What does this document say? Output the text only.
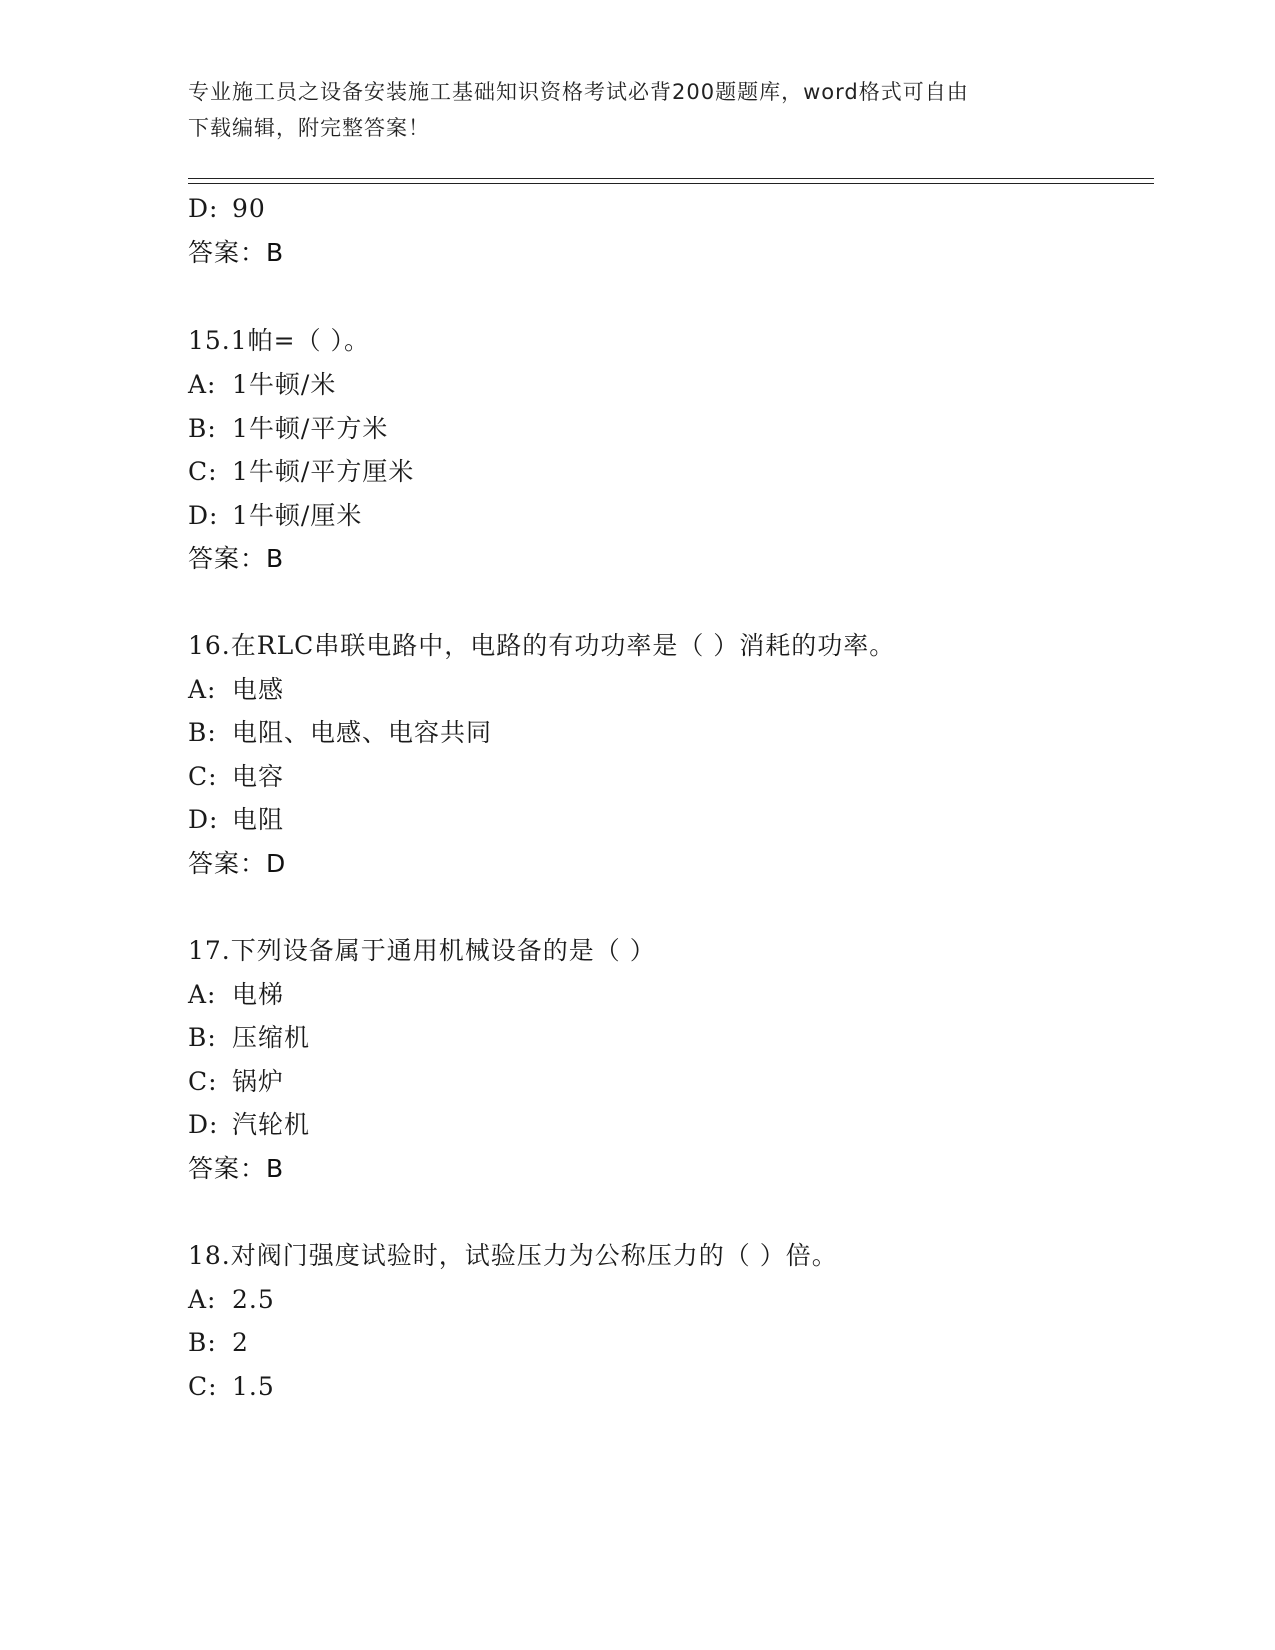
专业施工员之设备安装施工基础知识资格考试必背200题题库，word格式可自由
下载编辑，附完整答案！
D: 90
答案：B
15.1帕=（ ）。
A: 1牛顿/米
B: 1牛顿/平方米
C: 1牛顿/平方厘米
D: 1牛顿/厘米
答案：B
16.在RLC串联电路中，电路的有功功率是（ ）消耗的功率。
A: 电感
B: 电阻、电感、电容共同
C: 电容
D: 电阻
答案：D
17.下列设备属于通用机械设备的是（ ）
A: 电梯
B: 压缩机
C: 锅炉
D: 汽轮机
答案：B
18.对阀门强度试验时，试验压力为公称压力的（ ）倍。
A: 2.5
B: 2
C: 1.5
